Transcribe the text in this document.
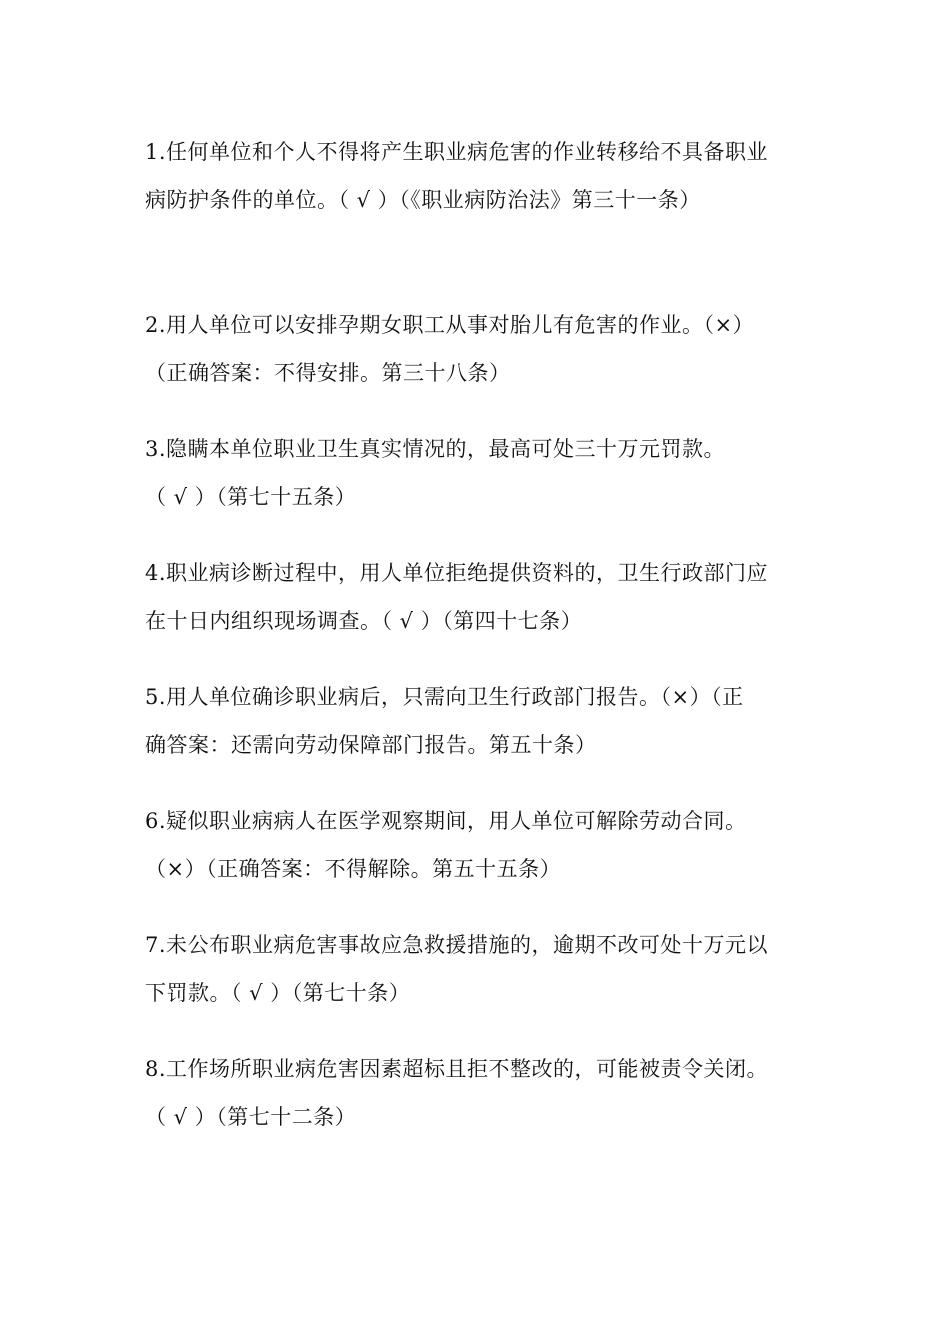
1.任何单位和个人不得将产生职业病危害的作业转移给不具备职业
病防护条件的单位。（ √ ）（《职业病防治法》第三十一条）
2.用人单位可以安排孕期女职工从事对胎儿有危害的作业。（×）
（正确答案：不得安排。第三十八条）
3.隐瞒本单位职业卫生真实情况的，最高可处三十万元罚款。
（ √ ）（第七十五条）
4.职业病诊断过程中，用人单位拒绝提供资料的，卫生行政部门应
在十日内组织现场调查。（ √ ）（第四十七条）
5.用人单位确诊职业病后，只需向卫生行政部门报告。（×）（正
确答案：还需向劳动保障部门报告。第五十条）
6.疑似职业病病人在医学观察期间，用人单位可解除劳动合同。
（×）（正确答案：不得解除。第五十五条）
7.未公布职业病危害事故应急救援措施的，逾期不改可处十万元以
下罚款。（ √ ）（第七十条）
8.工作场所职业病危害因素超标且拒不整改的，可能被责令关闭。
（ √ ）（第七十二条）
